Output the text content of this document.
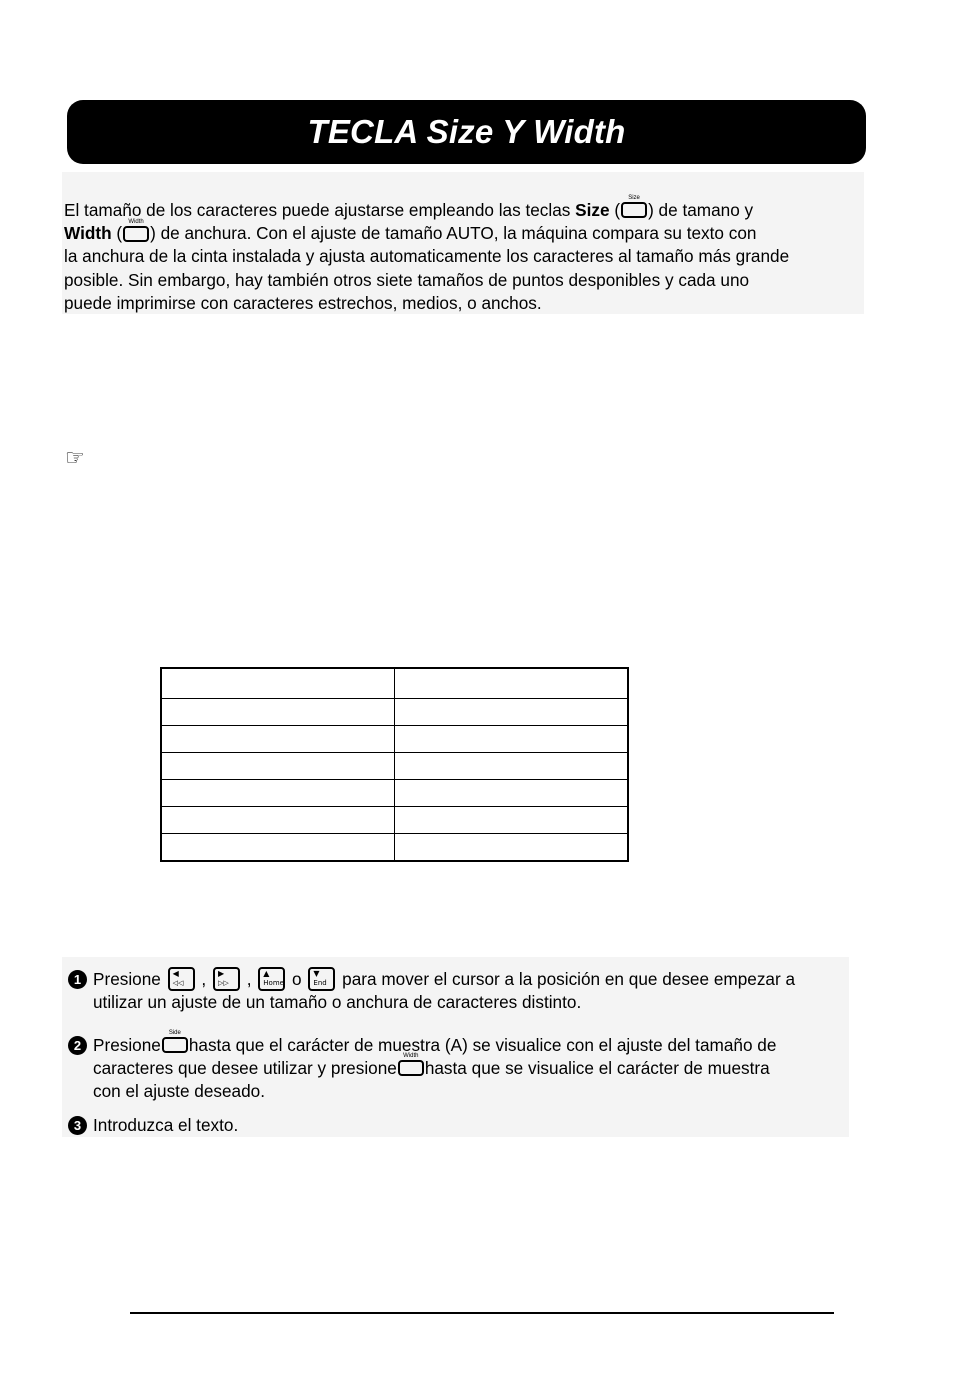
TECLA Size Y Width

El tamaño de los caracteres puede ajustarse empleando las teclas Size (
Size
) de tamano y
Width (
Width
) de anchura. Con el ajuste de tamaño AUTO, la máquina compara su texto con
la anchura de la cinta instalada y ajusta automaticamente los caracteres al tamaño más grande
posible. Sin embargo, hay también otros siete tamaños de puntos desponibles y cada uno
puede imprimirse con caracteres estrechos, medios, o anchos.

☞

1 Presione ◀
◁◁ , ▶
▷▷ , ▲
Home o ▼
End para mover el cursor a la posición en que desee empezar a
utilizar un ajuste de un tamaño o anchura de caracteres distinto.
2 Presione
Side
hasta que el carácter de muestra (A) se visualice con el ajuste del tamaño de
caracteres que desee utilizar y presione
Width
hasta que se visualice el carácter de muestra
con el ajuste deseado.
3 Introduzca el texto.
